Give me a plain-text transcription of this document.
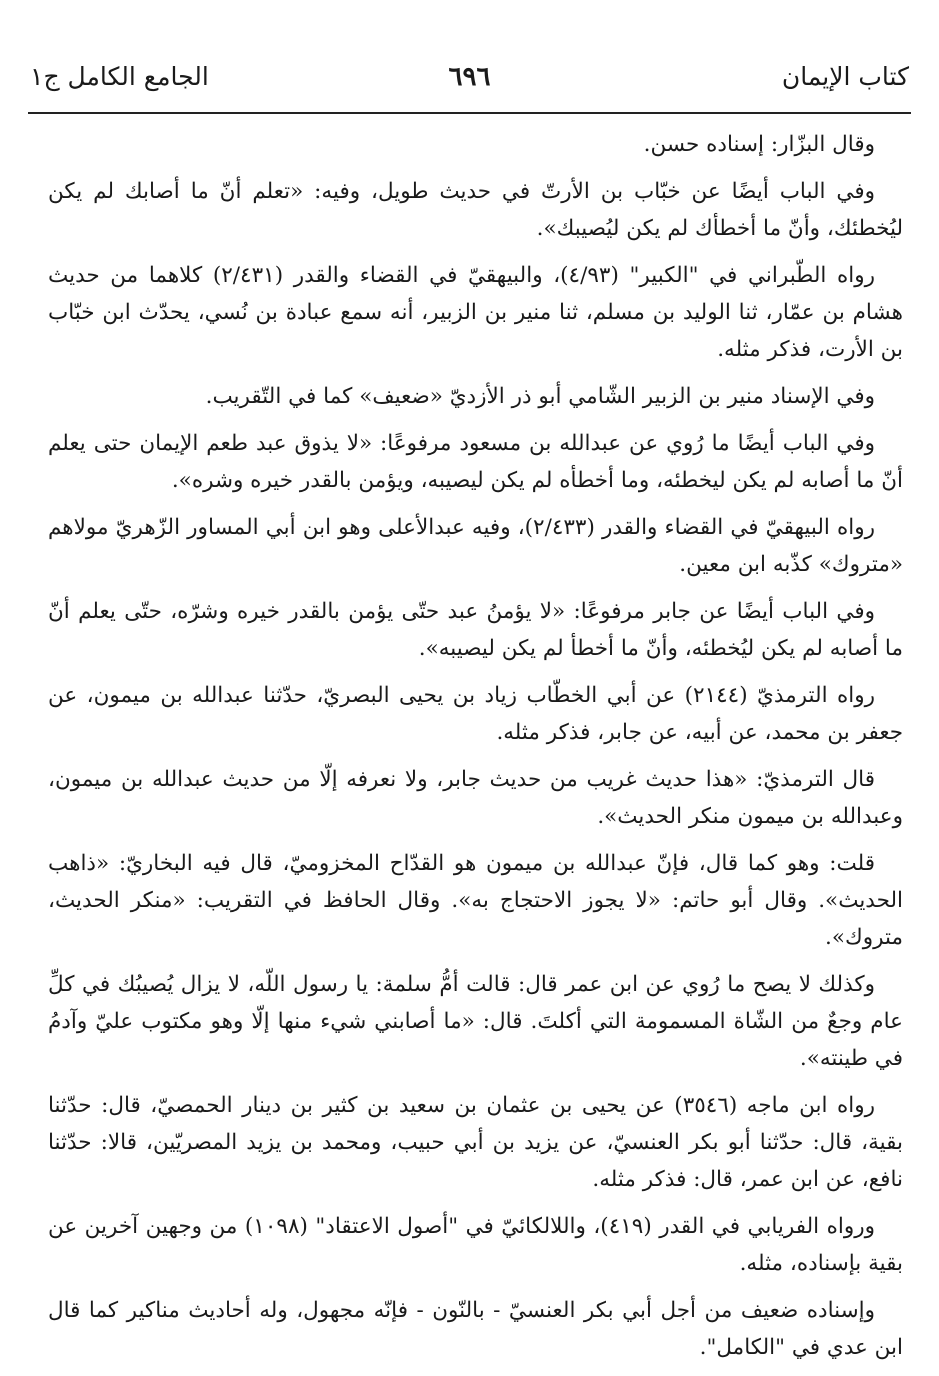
كتاب الإيمان
٦٩٦
الجامع الكامل ج١

وقال البزّار: إسناده حسن.

وفي الباب أيضًا عن خبّاب بن الأرتّ في حديث طويل، وفيه: «تعلم أنّ ما أصابك لم يكن ليُخطئك، وأنّ ما أخطأك لم يكن ليُصيبك».

رواه الطّبراني في "الكبير" (٤/٩٣)، والبيهقيّ في القضاء والقدر (٢/٤٣١) كلاهما من حديث هشام بن عمّار، ثنا الوليد بن مسلم، ثنا منير بن الزبير، أنه سمع عبادة بن نُسي، يحدّث ابن خبّاب بن الأرت، فذكر مثله.

وفي الإسناد منير بن الزبير الشّامي أبو ذر الأزديّ «ضعيف» كما في التّقريب.

وفي الباب أيضًا ما رُوي عن عبدالله بن مسعود مرفوعًا: «لا يذوق عبد طعم الإيمان حتى يعلم أنّ ما أصابه لم يكن ليخطئه، وما أخطأه لم يكن ليصيبه، ويؤمن بالقدر خيره وشره».

رواه البيهقيّ في القضاء والقدر (٢/٤٣٣)، وفيه عبدالأعلى وهو ابن أبي المساور الزّهريّ مولاهم «متروك» كذّبه ابن معين.

وفي الباب أيضًا عن جابر مرفوعًا: «لا يؤمنُ عبد حتّى يؤمن بالقدر خيره وشرّه، حتّى يعلم أنّ ما أصابه لم يكن ليُخطئه، وأنّ ما أخطأ لم يكن ليصيبه».

رواه الترمذيّ (٢١٤٤) عن أبي الخطّاب زياد بن يحيى البصريّ، حدّثنا عبدالله بن ميمون، عن جعفر بن محمد، عن أبيه، عن جابر، فذكر مثله.

قال الترمذيّ: «هذا حديث غريب من حديث جابر، ولا نعرفه إلّا من حديث عبدالله بن ميمون، وعبدالله بن ميمون منكر الحديث».

قلت: وهو كما قال، فإنّ عبدالله بن ميمون هو القدّاح المخزوميّ، قال فيه البخاريّ: «ذاهب الحديث». وقال أبو حاتم: «لا يجوز الاحتجاج به». وقال الحافظ في التقريب: «منكر الحديث، متروك».

وكذلك لا يصح ما رُوي عن ابن عمر قال: قالت أمُّ سلمة: يا رسول اللّه، لا يزال يُصيبُك في كلِّ عام وجعٌ من الشّاة المسمومة التي أكلتَ. قال: «ما أصابني شيء منها إلّا وهو مكتوب عليّ وآدمُ في طينته».

رواه ابن ماجه (٣٥٤٦) عن يحيى بن عثمان بن سعيد بن كثير بن دينار الحمصيّ، قال: حدّثنا بقية، قال: حدّثنا أبو بكر العنسيّ، عن يزيد بن أبي حبيب، ومحمد بن يزيد المصريّين، قالا: حدّثنا نافع، عن ابن عمر، قال: فذكر مثله.

ورواه الفريابي في القدر (٤١٩)، واللالكائيّ في "أصول الاعتقاد" (١٠٩٨) من وجهين آخرين عن بقية بإسناده، مثله.

وإسناده ضعيف من أجل أبي بكر العنسيّ - بالنّون - فإنّه مجهول، وله أحاديث مناكير كما قال ابن عدي في "الكامل".
